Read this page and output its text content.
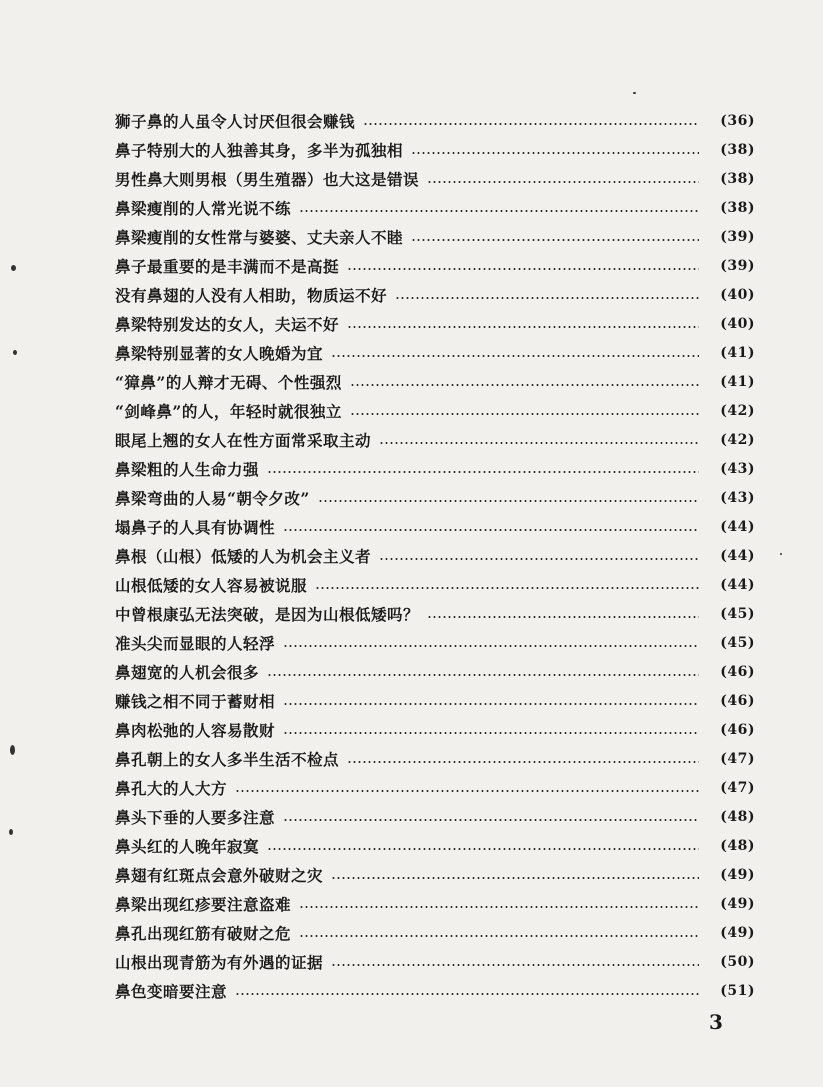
狮子鼻的人虽令人讨厌但很会赚钱	(36)
鼻子特别大的人独善其身，多半为孤独相	(38)
男性鼻大则男根（男生殖器）也大这是错误	(38)
鼻梁瘦削的人常光说不练	(38)
鼻梁瘦削的女性常与婆婆、丈夫亲人不睦	(39)
鼻子最重要的是丰满而不是高挺	(39)
没有鼻翅的人没有人相助，物质运不好	(40)
鼻梁特别发达的女人，夫运不好	(40)
鼻梁特别显著的女人晚婚为宜	(41)
“獐鼻”的人辩才无碍、个性强烈	(41)
“剑峰鼻”的人，年轻时就很独立	(42)
眼尾上翘的女人在性方面常采取主动	(42)
鼻梁粗的人生命力强	(43)
鼻梁弯曲的人易“朝令夕改”	(43)
塌鼻子的人具有协调性	(44)
鼻根（山根）低矮的人为机会主义者	(44)
山根低矮的女人容易被说服	(44)
中曾根康弘无法突破，是因为山根低矮吗？	(45)
准头尖而显眼的人轻浮	(45)
鼻翅宽的人机会很多	(46)
赚钱之相不同于蓄财相	(46)
鼻肉松弛的人容易散财	(46)
鼻孔朝上的女人多半生活不检点	(47)
鼻孔大的人大方	(47)
鼻头下垂的人要多注意	(48)
鼻头红的人晚年寂寞	(48)
鼻翅有红斑点会意外破财之灾	(49)
鼻梁出现红疹要注意盗难	(49)
鼻孔出现红筋有破财之危	(49)
山根出现青筋为有外遇的证据	(50)
鼻色变暗要注意	(51)
3
